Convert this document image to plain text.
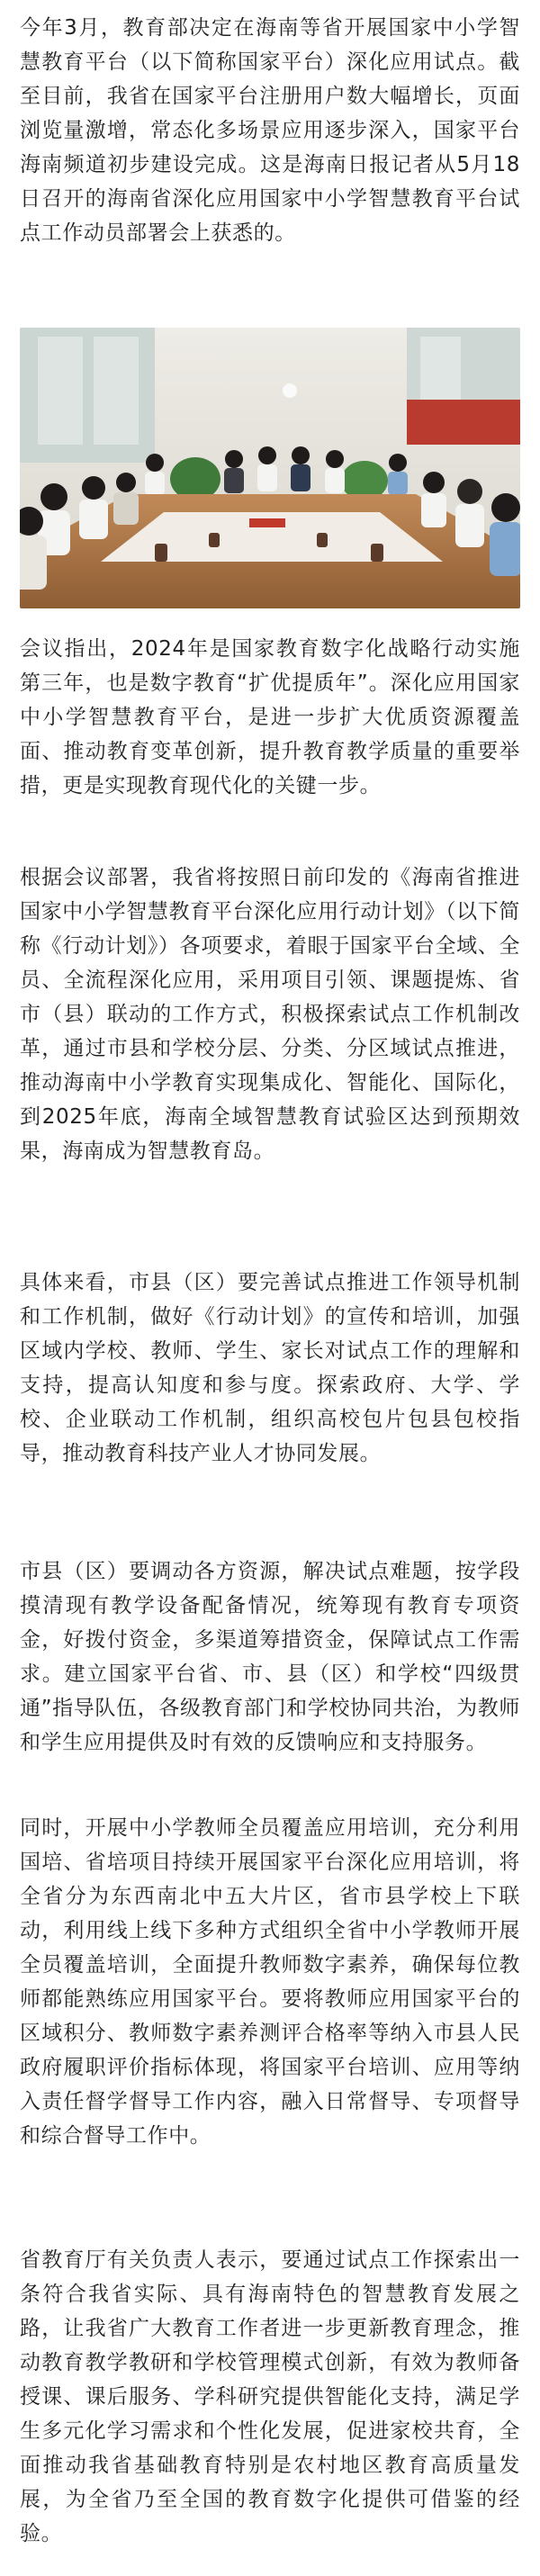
今年3月，教育部决定在海南等省开展国家中小学智慧教育平台（以下简称国家平台）深化应用试点。截至目前，我省在国家平台注册用户数大幅增长，页面浏览量激增，常态化多场景应用逐步深入，国家平台海南频道初步建设完成。这是海南日报记者从5月18日召开的海南省深化应用国家中小学智慧教育平台试点工作动员部署会上获悉的。

会议指出，2024年是国家教育数字化战略行动实施第三年，也是数字教育“扩优提质年”。深化应用国家中小学智慧教育平台，是进一步扩大优质资源覆盖面、推动教育变革创新，提升教育教学质量的重要举措，更是实现教育现代化的关键一步。

根据会议部署，我省将按照日前印发的《海南省推进国家中小学智慧教育平台深化应用行动计划》（以下简称《行动计划》）各项要求，着眼于国家平台全域、全员、全流程深化应用，采用项目引领、课题提炼、省市（县）联动的工作方式，积极探索试点工作机制改革，通过市县和学校分层、分类、分区域试点推进，推动海南中小学教育实现集成化、智能化、国际化，到2025年底，海南全域智慧教育试验区达到预期效果，海南成为智慧教育岛。

具体来看，市县（区）要完善试点推进工作领导机制和工作机制，做好《行动计划》的宣传和培训，加强区域内学校、教师、学生、家长对试点工作的理解和支持，提高认知度和参与度。探索政府、大学、学校、企业联动工作机制，组织高校包片包县包校指导，推动教育科技产业人才协同发展。

市县（区）要调动各方资源，解决试点难题，按学段摸清现有教学设备配备情况，统筹现有教育专项资金，好拨付资金，多渠道筹措资金，保障试点工作需求。建立国家平台省、市、县（区）和学校“四级贯通”指导队伍，各级教育部门和学校协同共治，为教师和学生应用提供及时有效的反馈响应和支持服务。

同时，开展中小学教师全员覆盖应用培训，充分利用国培、省培项目持续开展国家平台深化应用培训，将全省分为东西南北中五大片区，省市县学校上下联动，利用线上线下多种方式组织全省中小学教师开展全员覆盖培训，全面提升教师数字素养，确保每位教师都能熟练应用国家平台。要将教师应用国家平台的区域积分、教师数字素养测评合格率等纳入市县人民政府履职评价指标体现，将国家平台培训、应用等纳入责任督学督导工作内容，融入日常督导、专项督导和综合督导工作中。

省教育厅有关负责人表示，要通过试点工作探索出一条符合我省实际、具有海南特色的智慧教育发展之路，让我省广大教育工作者进一步更新教育理念，推动教育教学教研和学校管理模式创新，有效为教师备授课、课后服务、学科研究提供智能化支持，满足学生多元化学习需求和个性化发展，促进家校共育，全面推动我省基础教育特别是农村地区教育高质量发展，为全省乃至全国的教育数字化提供可借鉴的经验。
